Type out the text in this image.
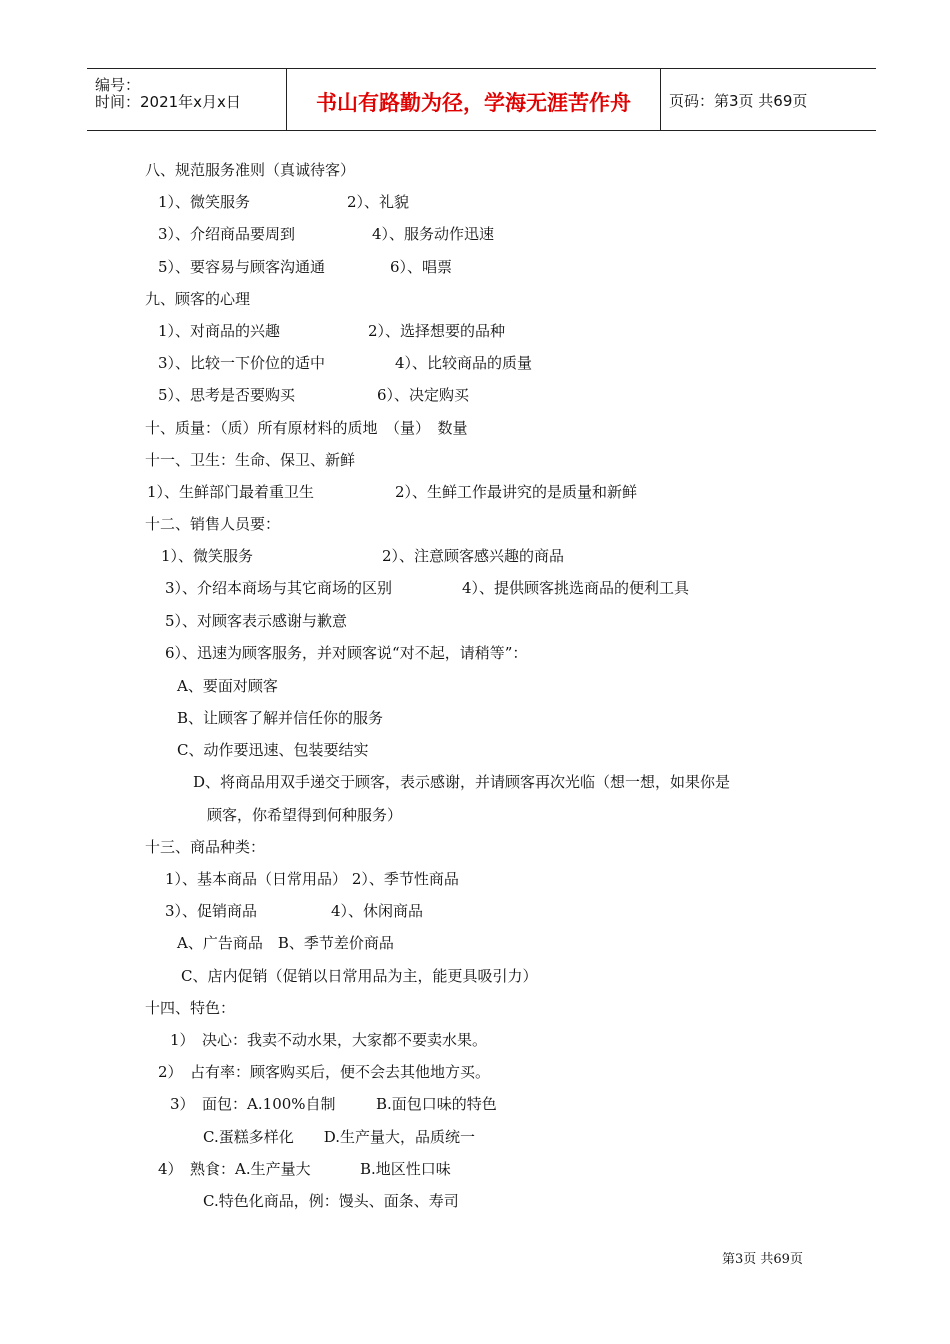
编号：
时间：2021年x月x日	书山有路勤为径，学海无涯苦作舟	页码：第3页 共69页
八、规范服务准则（真诚待客）
1）、微笑服务	2）、礼貌
3）、介绍商品要周到	4）、服务动作迅速
5）、要容易与顾客沟通通	6）、唱票
九、顾客的心理
1）、对商品的兴趣	2）、选择想要的品种
3）、比较一下价位的适中	4）、比较商品的质量
5）、思考是否要购买	6）、决定购买
十、质量：（质）所有原材料的质地　（量）　数量
十一、卫生：生命、保卫、新鲜
1）、生鲜部门最着重卫生	2）、生鲜工作最讲究的是质量和新鲜
十二、销售人员要：
1）、微笑服务	2）、注意顾客感兴趣的商品
3）、介绍本商场与其它商场的区别	4）、提供顾客挑选商品的便利工具
5）、对顾客表示感谢与歉意
6）、迅速为顾客服务，并对顾客说“对不起，请稍等”：
A、要面对顾客
B、让顾客了解并信任你的服务
C、动作要迅速、包装要结实
D、将商品用双手递交于顾客，表示感谢，并请顾客再次光临（想一想，如果你是
顾客，你希望得到何种服务）
十三、商品种类：
1）、基本商品（日常用品） 2）、季节性商品
3）、促销商品	4）、休闲商品
A、广告商品　B、季节差价商品
C、店内促销（促销以日常用品为主，能更具吸引力）
十四、特色：
1）　决心：我卖不动水果，大家都不要卖水果。
2）　占有率：顾客购买后，便不会去其他地方买。
3）　面包：A.100%自制	B.面包口味的特色
C.蛋糕多样化　　D.生产量大，品质统一
4）　熟食：A.生产量大	B.地区性口味
C.特色化商品，例：馒头、面条、寿司
第3页 共69页
